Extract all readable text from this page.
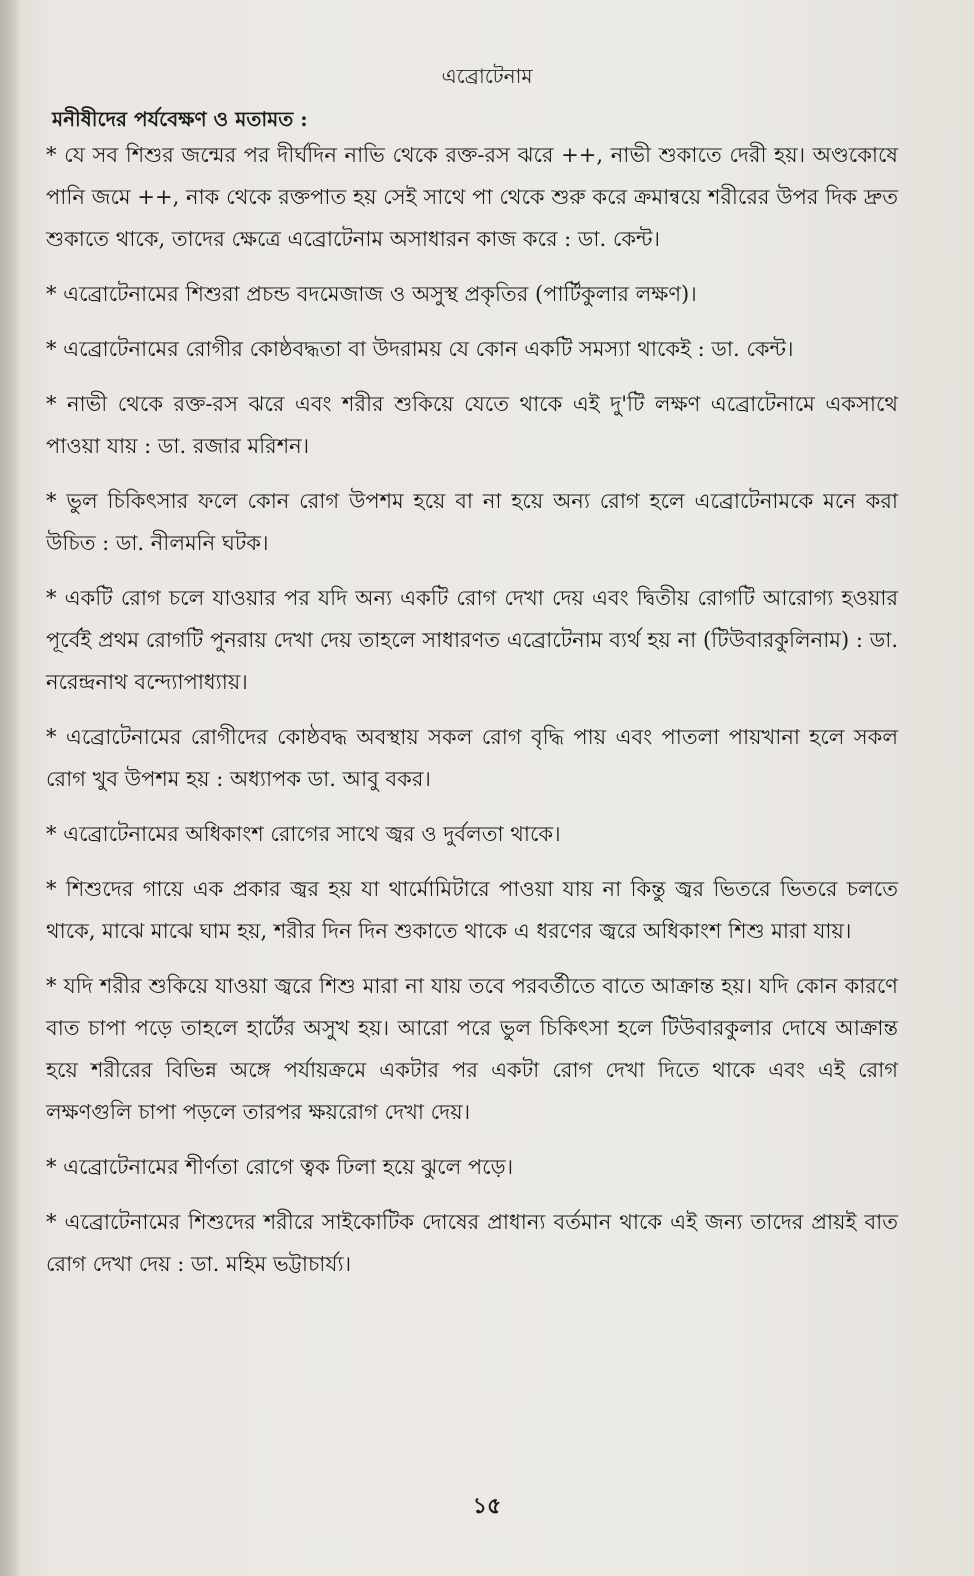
এব্রোটেনাম
মনীষীদের পর্যবেক্ষণ ও মতামত :

* যে সব শিশুর জন্মের পর দীর্ঘদিন নাভি থেকে রক্ত-রস ঝরে ++, নাভী শুকাতে দেরী হয়। অণ্ডকোষে পানি জমে ++, নাক থেকে রক্তপাত হয় সেই সাথে পা থেকে শুরু করে ক্রমান্বয়ে শরীরের উপর দিক দ্রুত শুকাতে থাকে, তাদের ক্ষেত্রে এব্রোটেনাম অসাধারন কাজ করে : ডা. কেন্ট।

* এব্রোটেনামের শিশুরা প্রচন্ড বদমেজাজ ও অসুস্থ প্রকৃতির (পার্টিকুলার লক্ষণ)।

* এব্রোটেনামের রোগীর কোষ্ঠবদ্ধতা বা উদরাময় যে কোন একটি সমস্যা থাকেই : ডা. কেন্ট।

* নাভী থেকে রক্ত-রস ঝরে এবং শরীর শুকিয়ে যেতে থাকে এই দু'টি লক্ষণ এব্রোটেনামে একসাথে পাওয়া যায় : ডা. রজার মরিশন।

* ভুল চিকিৎসার ফলে কোন রোগ উপশম হয়ে বা না হয়ে অন্য রোগ হলে এব্রোটেনামকে মনে করা উচিত : ডা. নীলমনি ঘটক।

* একটি রোগ চলে যাওয়ার পর যদি অন্য একটি রোগ দেখা দেয় এবং দ্বিতীয় রোগটি আরোগ্য হওয়ার পূর্বেই প্রথম রোগটি পুনরায় দেখা দেয় তাহলে সাধারণত এব্রোটেনাম ব্যর্থ হয় না (টিউবারকুলিনাম) : ডা. নরেন্দ্রনাথ বন্দ্যোপাধ্যায়।

* এব্রোটেনামের রোগীদের কোষ্ঠবদ্ধ অবস্থায় সকল রোগ বৃদ্ধি পায় এবং পাতলা পায়খানা হলে সকল রোগ খুব উপশম হয় : অধ্যাপক ডা. আবু বকর।

* এব্রোটেনামের অধিকাংশ রোগের সাথে জ্বর ও দুর্বলতা থাকে।

* শিশুদের গায়ে এক প্রকার জ্বর হয় যা থার্মোমিটারে পাওয়া যায় না কিন্তু জ্বর ভিতরে ভিতরে চলতে থাকে, মাঝে মাঝে ঘাম হয়, শরীর দিন দিন শুকাতে থাকে এ ধরণের জ্বরে অধিকাংশ শিশু মারা যায়।

* যদি শরীর শুকিয়ে যাওয়া জ্বরে শিশু মারা না যায় তবে পরবর্তীতে বাতে আক্রান্ত হয়। যদি কোন কারণে বাত চাপা পড়ে তাহলে হার্টের অসুখ হয়। আরো পরে ভুল চিকিৎসা হলে টিউবারকুলার দোষে আক্রান্ত হয়ে শরীরের বিভিন্ন অঙ্গে পর্যায়ক্রমে একটার পর একটা রোগ দেখা দিতে থাকে এবং এই রোগ লক্ষণগুলি চাপা পড়লে তারপর ক্ষয়রোগ দেখা দেয়।

* এব্রোটেনামের শীর্ণতা রোগে ত্বক ঢিলা হয়ে ঝুলে পড়ে।

* এব্রোটেনামের শিশুদের শরীরে সাইকোটিক দোষের প্রাধান্য বর্তমান থাকে এই জন্য তাদের প্রায়ই বাত রোগ দেখা দেয় : ডা. মহিম ভট্টাচার্য্য।

১৫
